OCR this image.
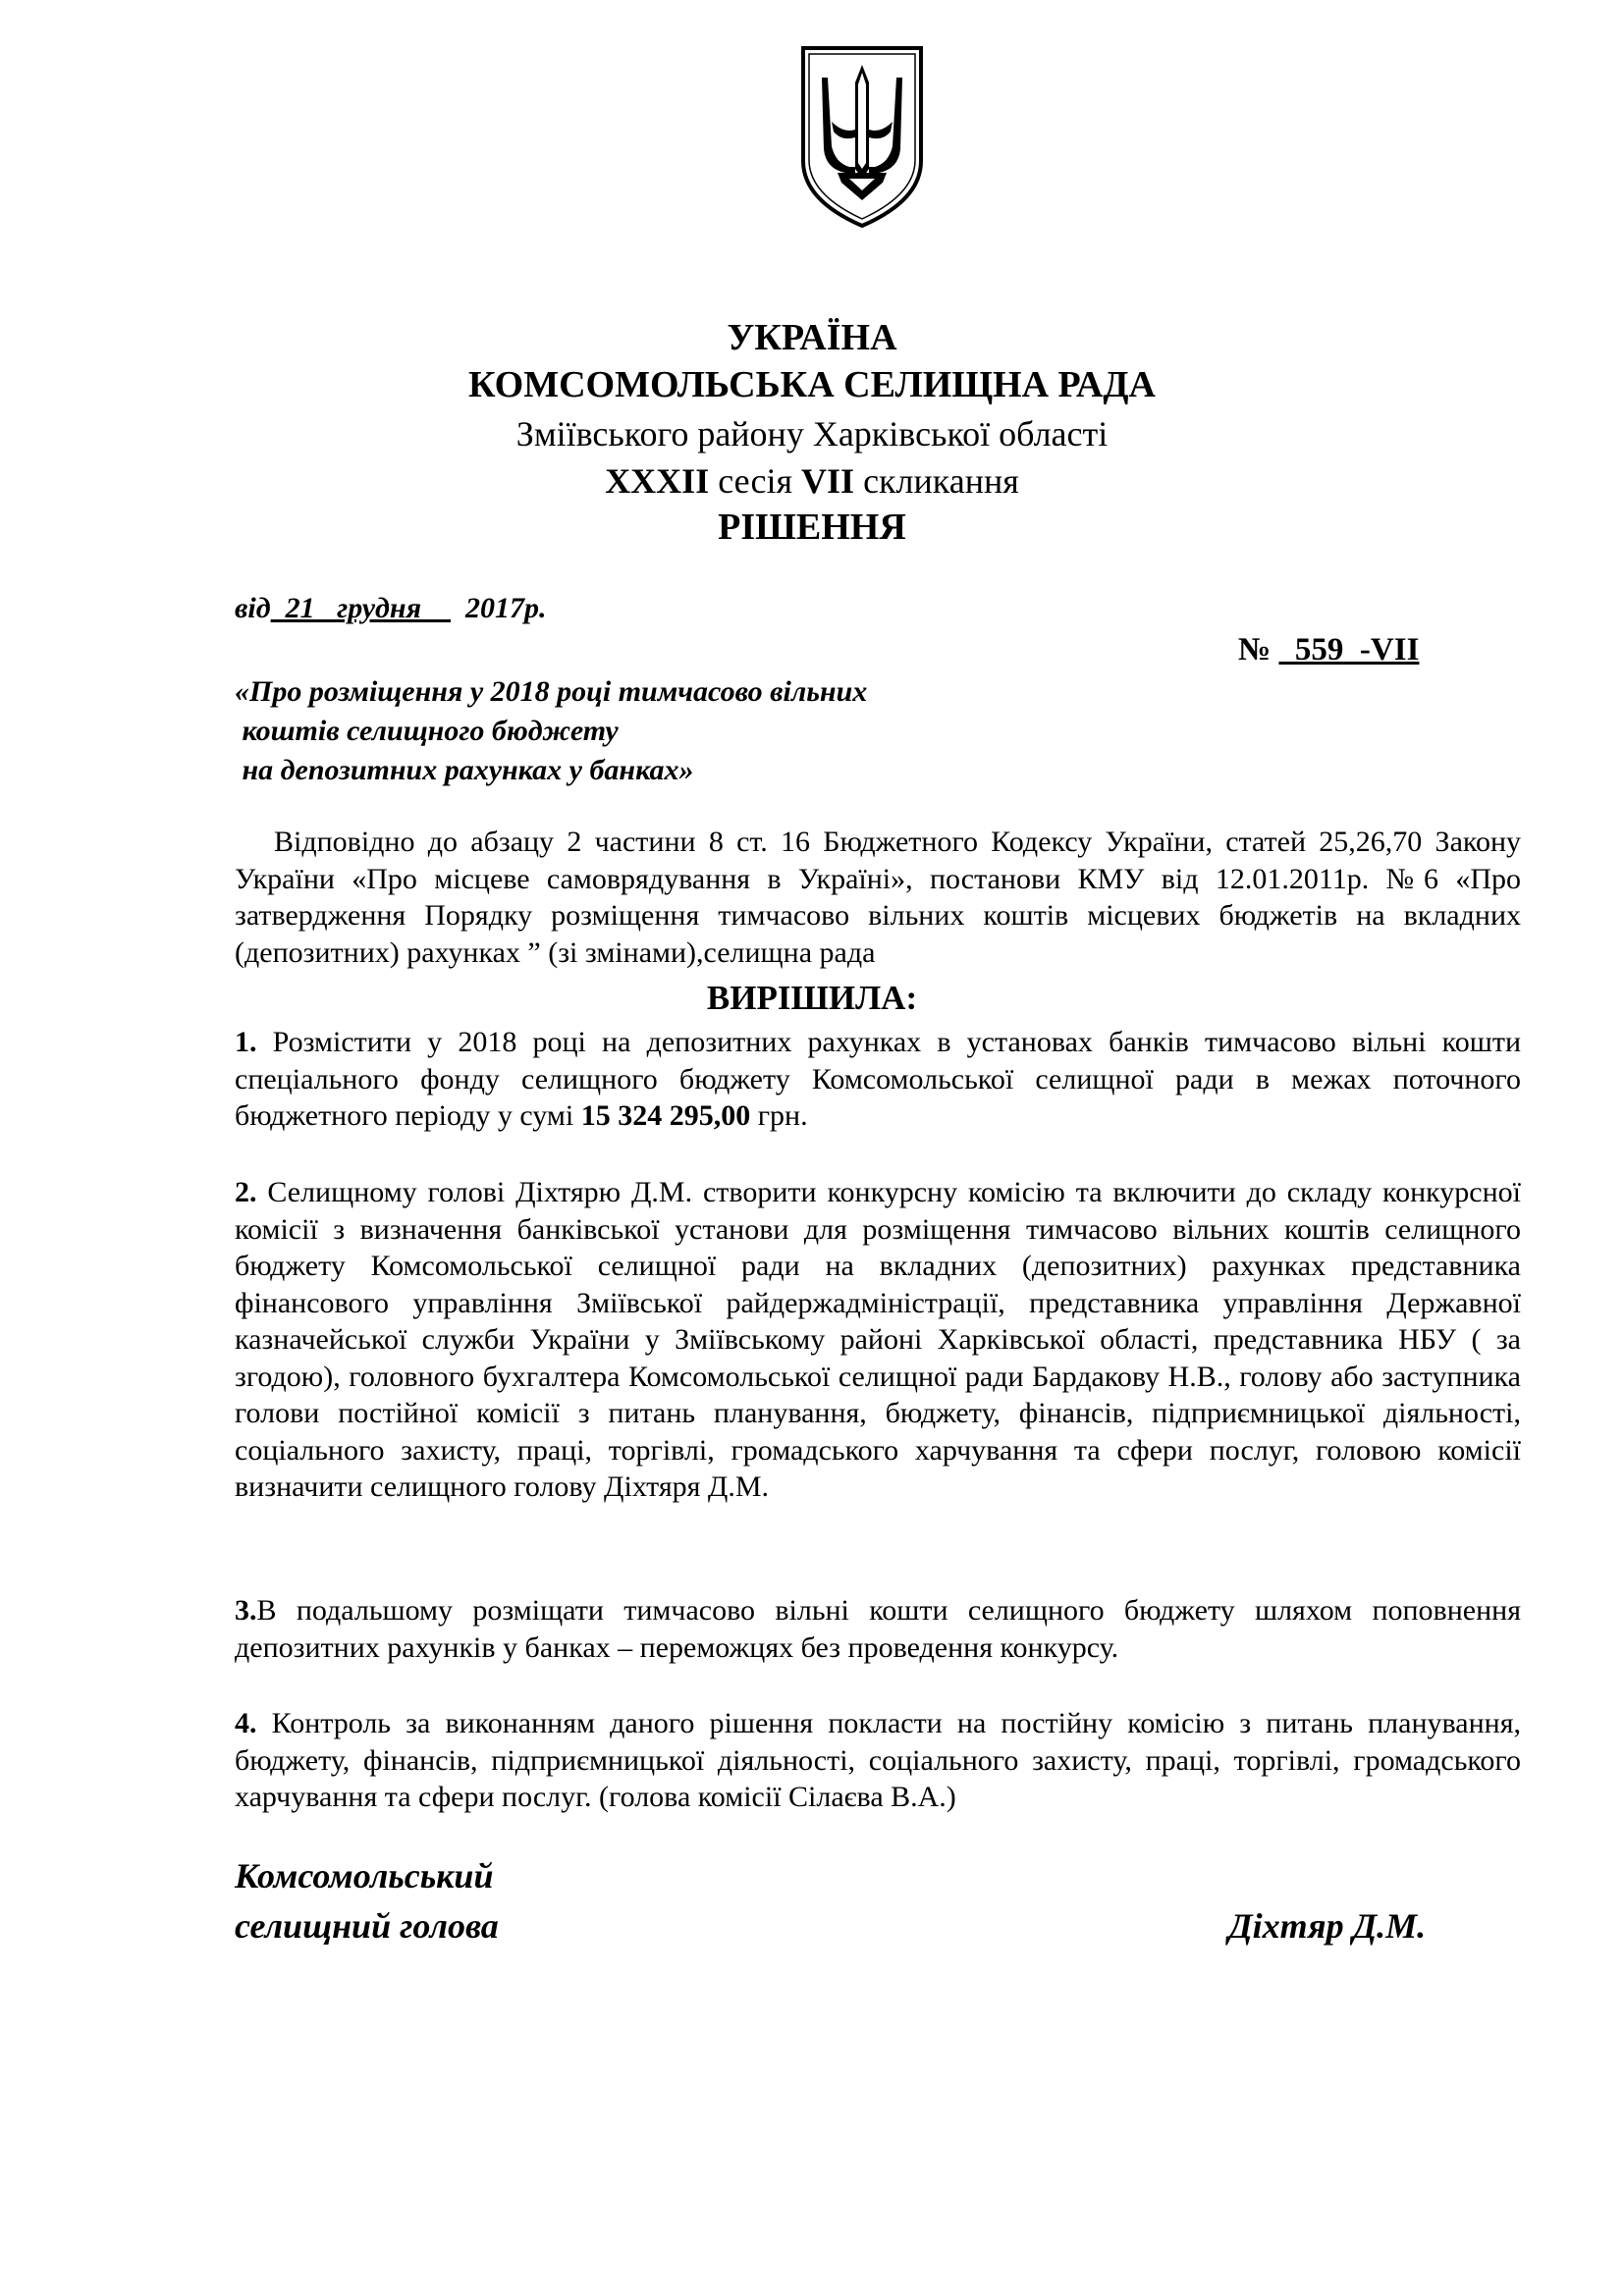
УКРАЇНА
КОМСОМОЛЬСЬКА СЕЛИЩНА РАДА
Зміївського району Харківської області
XXXII сесія VII скликання
РІШЕННЯ
від  21   грудня      2017р.
№   559  -VII
«Про розміщення у 2018 році тимчасово вільних
коштів селищного бюджету
на депозитних рахунках у банках»
Відповідно до абзацу 2 частини 8 ст. 16 Бюджетного Кодексу України, статей 25,26,70 Закону України «Про місцеве самоврядування в Україні», постанови КМУ від 12.01.2011р. №6 «Про затвердження Порядку розміщення тимчасово вільних коштів місцевих бюджетів на вкладних (депозитних) рахунках ” (зі змінами),селищна рада
ВИРІШИЛА:
1. Розмістити у 2018 році на депозитних рахунках в установах банків тимчасово вільні кошти спеціального фонду селищного бюджету Комсомольської селищної ради в межах поточного бюджетного періоду у сумі 15 324 295,00 грн.
2. Селищному голові Діхтярю Д.М. створити конкурсну комісію та включити до складу конкурсної комісії з визначення банківської установи для розміщення тимчасово вільних коштів селищного бюджету Комсомольської селищної ради на вкладних (депозитних) рахунках представника фінансового управління Зміївської райдержадміністрації, представника управління Державної казначейської служби України у Зміївському районі Харківської області, представника НБУ ( за згодою), головного бухгалтера Комсомольської селищної ради Бардакову Н.В., голову або заступника голови постійної комісії з питань планування, бюджету, фінансів, підприємницької діяльності, соціального захисту, праці, торгівлі, громадського харчування та сфери послуг, головою комісії визначити селищного голову Діхтяря Д.М.
3.В подальшому розміщати тимчасово вільні кошти селищного бюджету шляхом поповнення депозитних рахунків у банках – переможцях без проведення конкурсу.
4. Контроль за виконанням даного рішення покласти на постійну комісію з питань планування, бюджету, фінансів, підприємницької діяльності, соціального захисту, праці, торгівлі, громадського харчування та сфери послуг. (голова комісії Сілаєва В.А.)
Комсомольський
селищний голова	Діхтяр Д.М.
